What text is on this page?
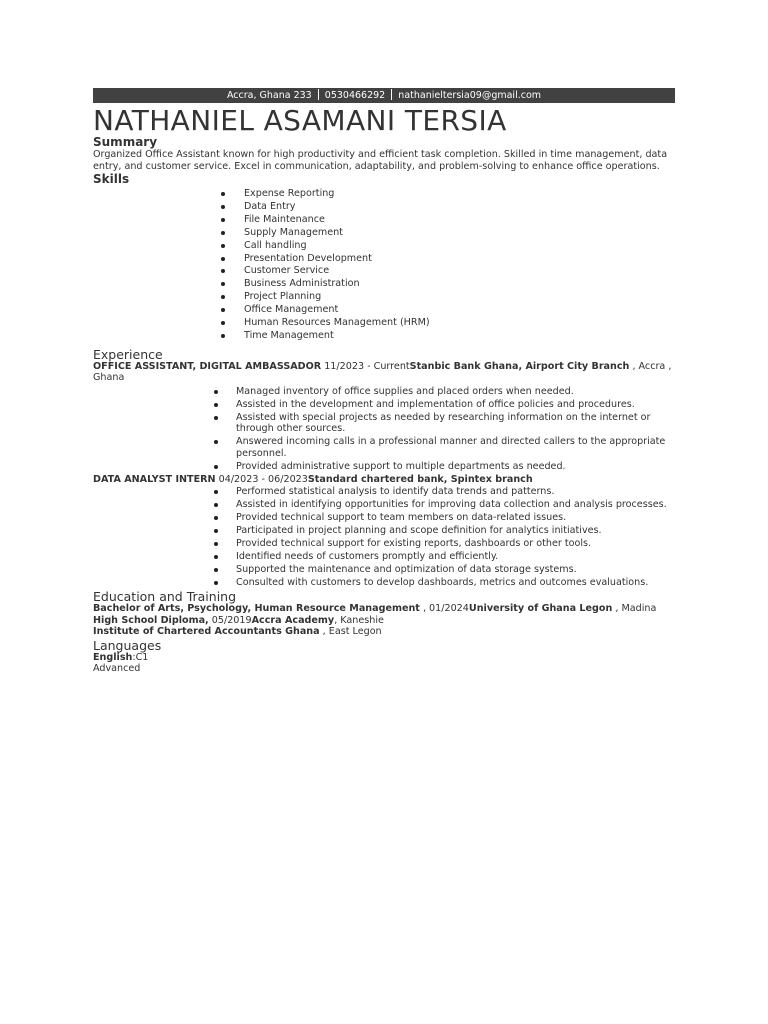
Accra, Ghana 233 0530466292 nathanieltersia09@gmail.com
NATHANIEL ASAMANI TERSIA
Summary
Organized Office Assistant known for high productivity and efficient task completion. Skilled in time management, data entry, and customer service. Excel in communication, adaptability, and problem-solving to enhance office operations.
Skills
Expense Reporting
Data Entry
File Maintenance
Supply Management
Call handling
Presentation Development
Customer Service
Business Administration
Project Planning
Office Management
Human Resources Management (HRM)
Time Management
Experience
OFFICE ASSISTANT, DIGITAL AMBASSADOR 11/2023 - CurrentStanbic Bank Ghana, Airport City Branch , Accra , Ghana
Managed inventory of office supplies and placed orders when needed.
Assisted in the development and implementation of office policies and procedures.
Assisted with special projects as needed by researching information on the internet or through other sources.
Answered incoming calls in a professional manner and directed callers to the appropriate personnel.
Provided administrative support to multiple departments as needed.
DATA ANALYST INTERN 04/2023 - 06/2023Standard chartered bank, Spintex branch
Performed statistical analysis to identify data trends and patterns.
Assisted in identifying opportunities for improving data collection and analysis processes.
Provided technical support to team members on data-related issues.
Participated in project planning and scope definition for analytics initiatives.
Provided technical support for existing reports, dashboards or other tools.
Identified needs of customers promptly and efficiently.
Supported the maintenance and optimization of data storage systems.
Consulted with customers to develop dashboards, metrics and outcomes evaluations.
Education and Training
Bachelor of Arts, Psychology, Human Resource Management , 01/2024University of Ghana Legon , Madina High School Diploma, 05/2019Accra Academy, Kaneshie
Institute of Chartered Accountants Ghana , East Legon
Languages
English:C1
Advanced
